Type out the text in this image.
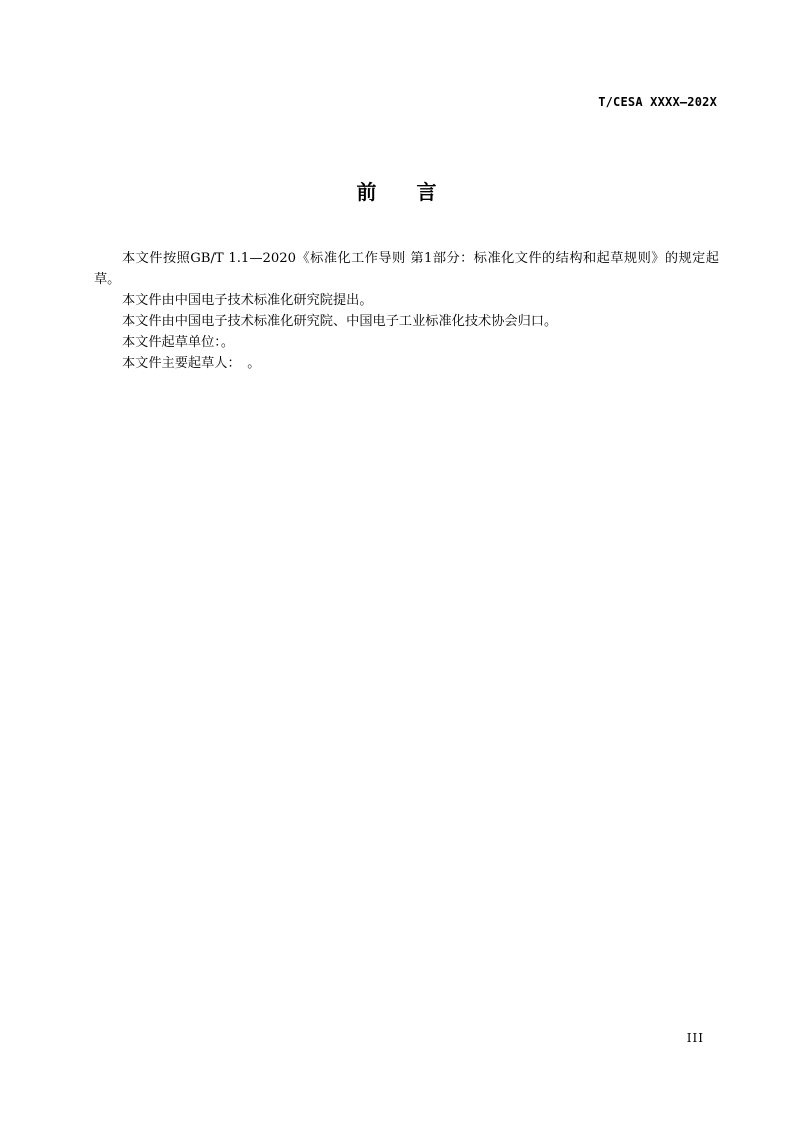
T/CESA XXXX—202X
前言

本文件按照GB/T 1.1—2020《标准化工作导则 第1部分：标准化文件的结构和起草规则》的规定起草。

本文件由中国电子技术标准化研究院提出。

本文件由中国电子技术标准化研究院、中国电子工业标准化技术协会归口。

本文件起草单位：。

本文件主要起草人：　。

III
